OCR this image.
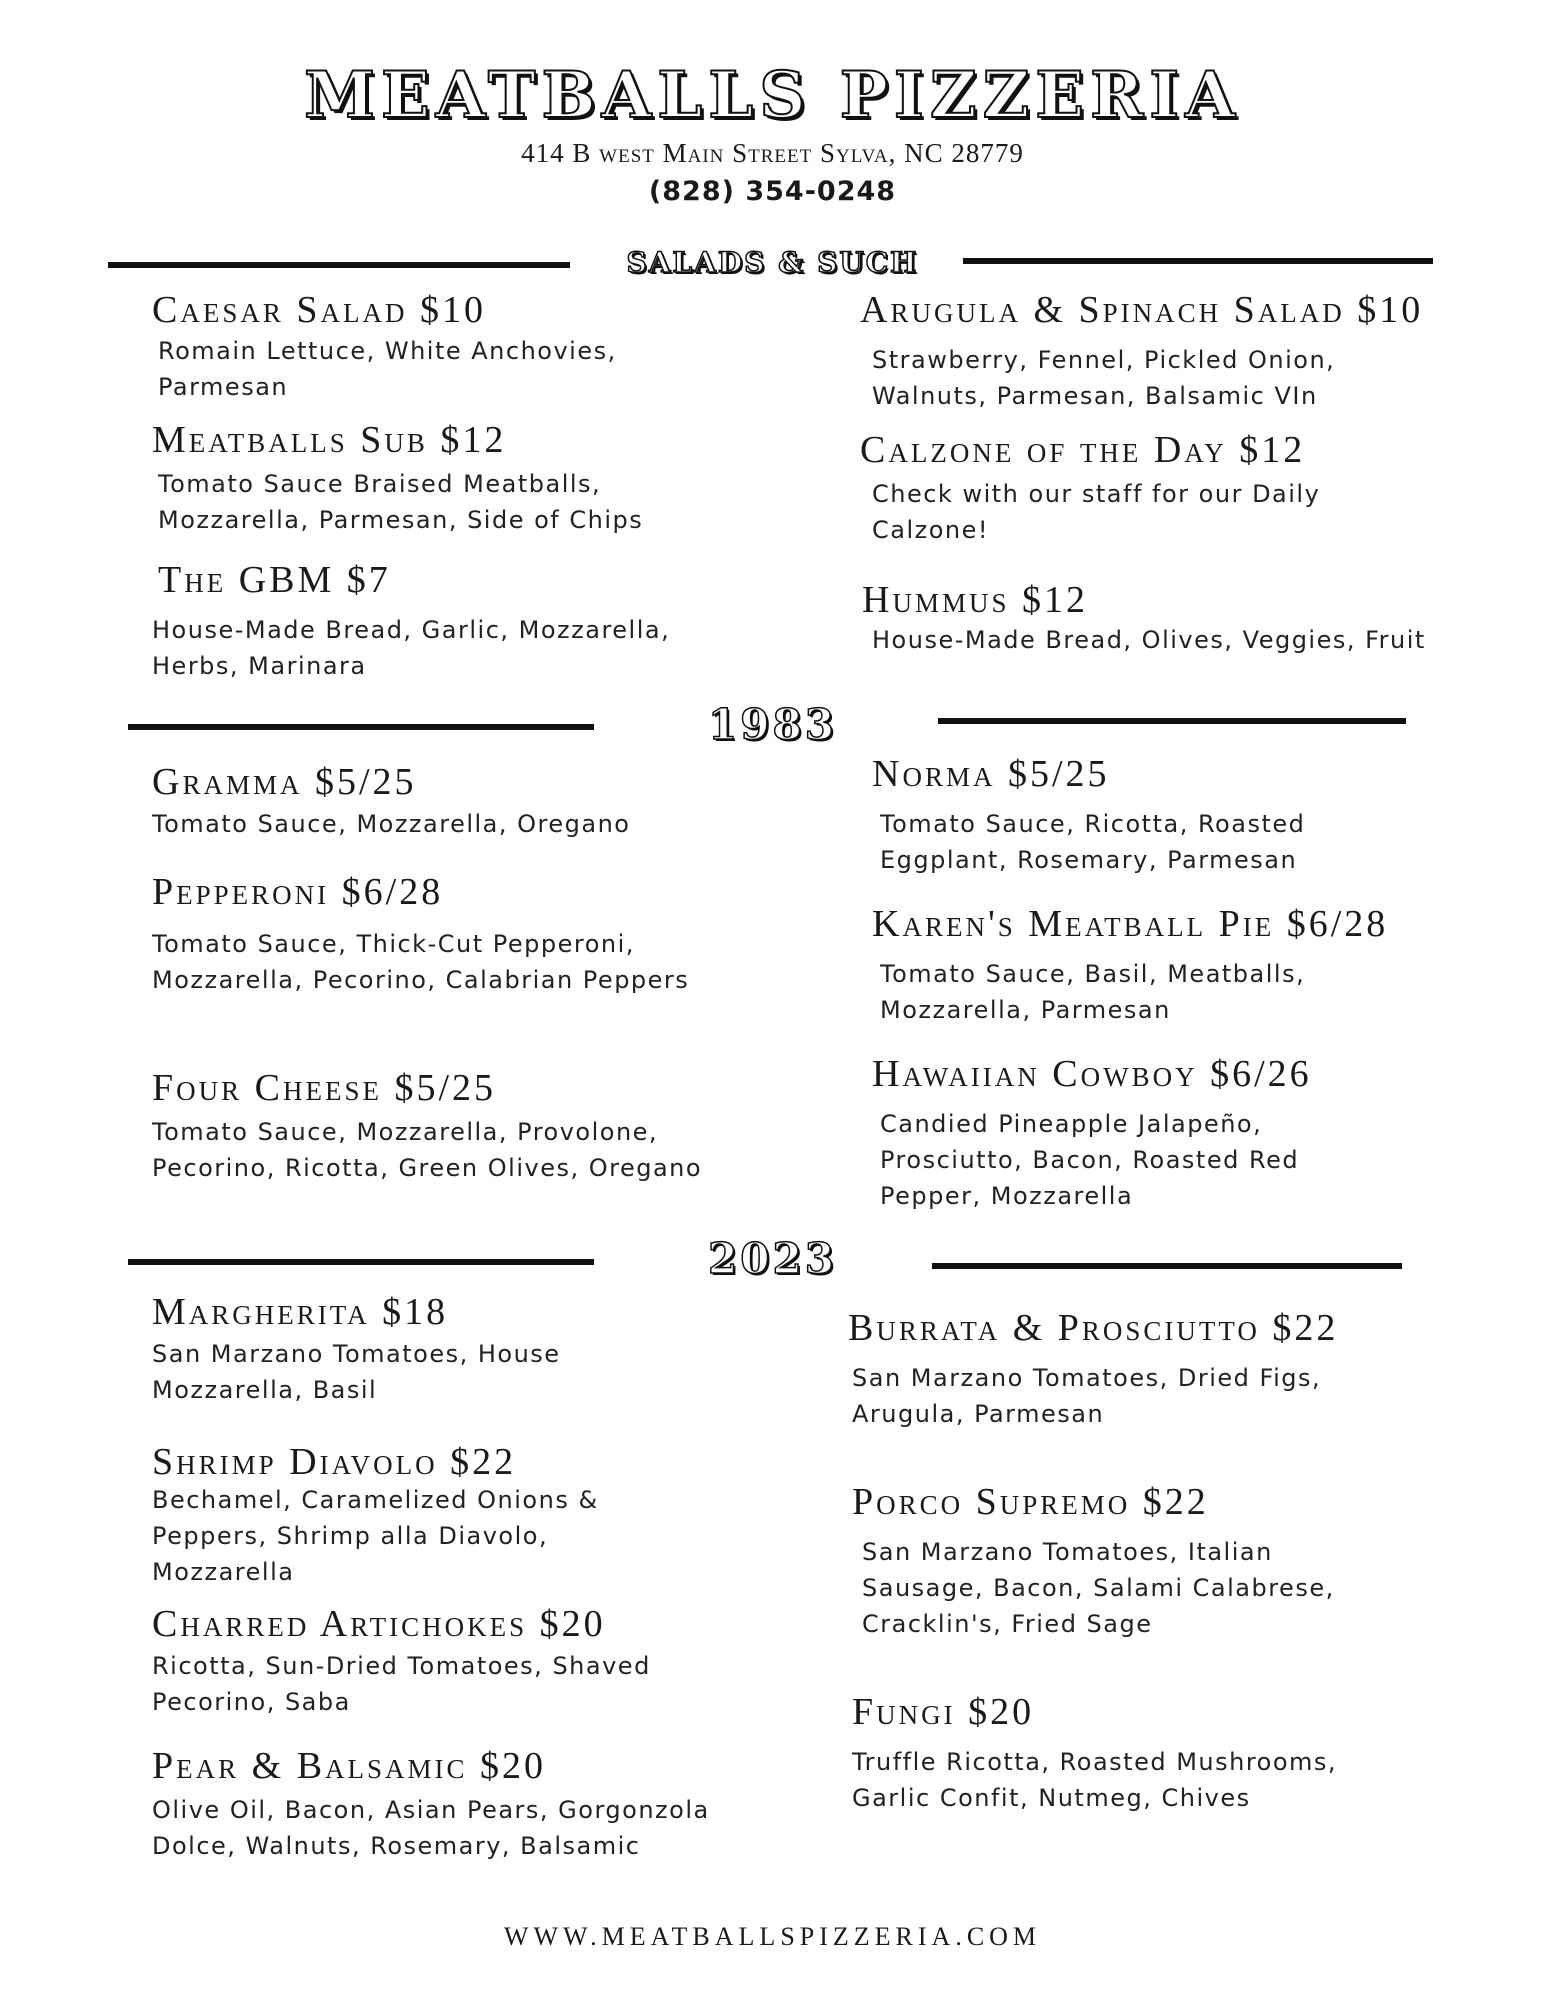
MEATBALLS PIZZERIA
414 B west Main Street Sylva, NC 28779
(828) 354-0248
SALADS & SUCH
Caesar Salad $10
Romain Lettuce, White Anchovies, Parmesan
Arugula & Spinach Salad $10
Strawberry, Fennel, Pickled Onion, Walnuts, Parmesan, Balsamic VIn
Meatballs Sub $12
Tomato Sauce Braised Meatballs, Mozzarella, Parmesan, Side of Chips
Calzone of the Day $12
Check with our staff for our Daily Calzone!
The GBM $7
House-Made Bread, Garlic, Mozzarella, Herbs, Marinara
Hummus $12
House-Made Bread, Olives, Veggies, Fruit
1983
Gramma $5/25
Tomato Sauce, Mozzarella, Oregano
Norma $5/25
Tomato Sauce, Ricotta, Roasted Eggplant, Rosemary, Parmesan
Pepperoni $6/28
Tomato Sauce, Thick-Cut Pepperoni, Mozzarella, Pecorino, Calabrian Peppers
Karen's Meatball Pie $6/28
Tomato Sauce, Basil, Meatballs, Mozzarella, Parmesan
Four Cheese $5/25
Tomato Sauce, Mozzarella, Provolone, Pecorino, Ricotta, Green Olives, Oregano
Hawaiian Cowboy $6/26
Candied Pineapple Jalapeño, Prosciutto, Bacon, Roasted Red Pepper, Mozzarella
2023
Margherita $18
San Marzano Tomatoes, House Mozzarella, Basil
Burrata & Prosciutto $22
San Marzano Tomatoes, Dried Figs, Arugula, Parmesan
Shrimp Diavolo $22
Bechamel, Caramelized Onions & Peppers, Shrimp alla Diavolo, Mozzarella
Porco Supremo $22
San Marzano Tomatoes, Italian Sausage, Bacon, Salami Calabrese, Cracklin's, Fried Sage
Charred Artichokes $20
Ricotta, Sun-Dried Tomatoes, Shaved Pecorino, Saba	Fungi $20
Truffle Ricotta, Roasted Mushrooms, Garlic Confit, Nutmeg, Chives
Pear & Balsamic $20
Olive Oil, Bacon, Asian Pears, Gorgonzola Dolce, Walnuts, Rosemary, Balsamic
WWW.MEATBALLSPIZZERIA.COM
